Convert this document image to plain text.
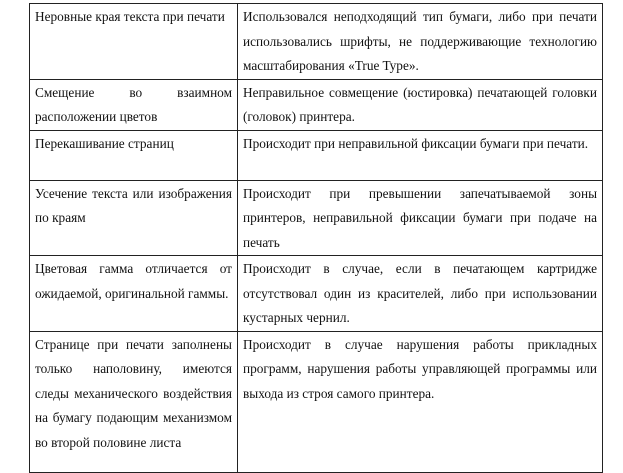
Неровные края текста при печати	Использовался неподходящий тип бумаги, либо при печати использовались шрифты, не поддерживающие технологию масштабирования «True Type».
Смещение во взаимном расположении цветов	Неправильное совмещение (юстировка) печатающей головки (головок) принтера.
Перекашивание страниц	Происходит при неправильной фиксации бумаги при печати.
Усечение текста или изображения по краям	Происходит при превышении запечатываемой зоны принтеров, неправильной фиксации бумаги при подаче на печать
Цветовая гамма отличается от ожидаемой, оригинальной гаммы.	Происходит в случае, если в печатающем картридже отсутствовал один из красителей, либо при использовании кустарных чернил.
Странице при печати заполнены только наполовину, имеются следы механического воздействия на бумагу подающим механизмом во второй половине листа	Происходит в случае нарушения работы прикладных программ, нарушения работы управляющей программы или выхода из строя самого принтера.
